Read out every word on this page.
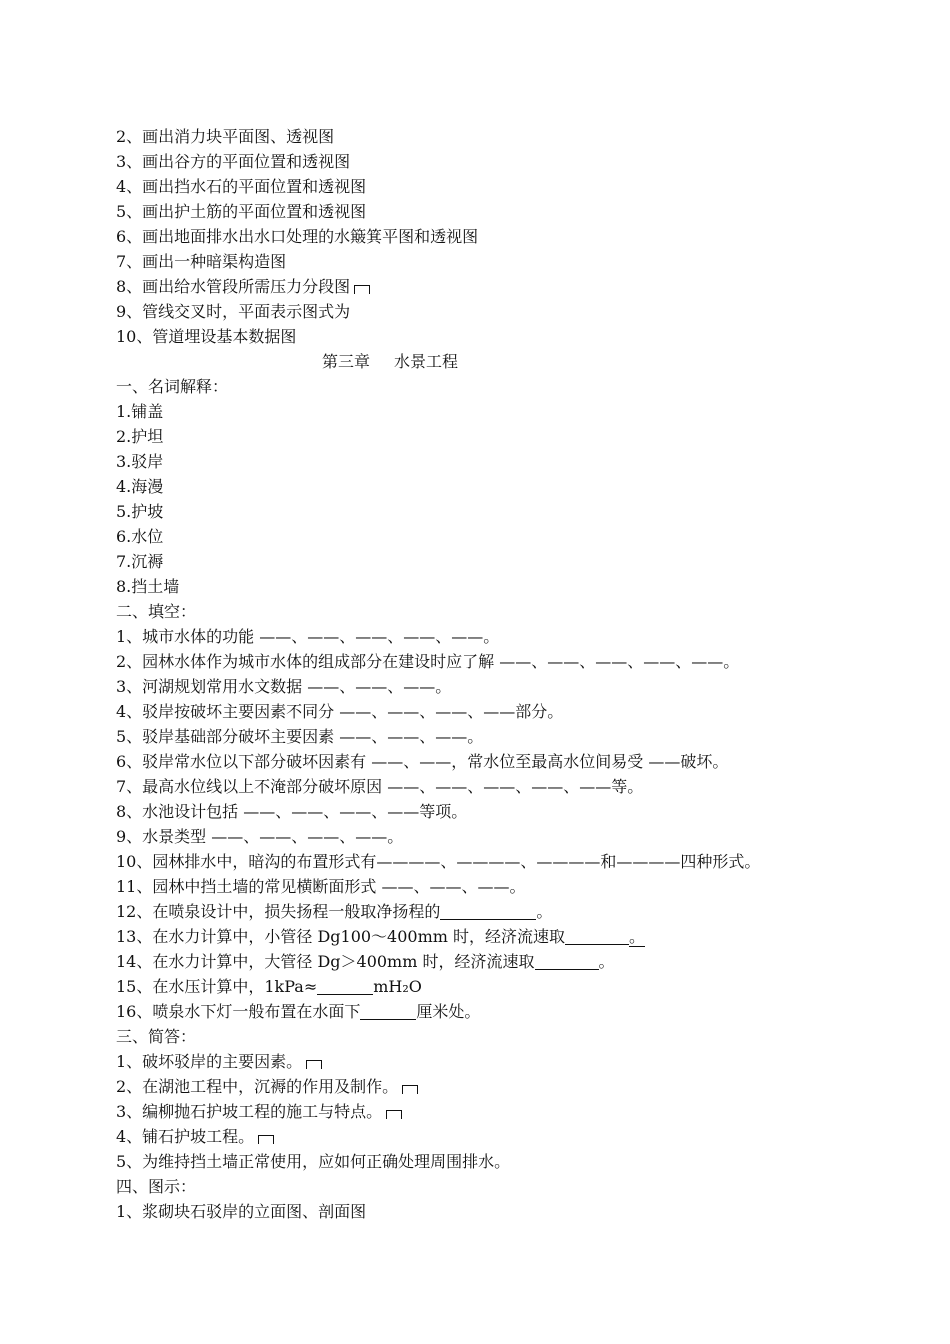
2、画出消力块平面图、透视图
3、画出谷方的平面位置和透视图
4、画出挡水石的平面位置和透视图
5、画出护土筋的平面位置和透视图
6、画出地面排水出水口处理的水簸箕平图和透视图
7、画出一种暗渠构造图
8、画出给水管段所需压力分段图
9、管线交叉时，平面表示图式为
10、管道埋设基本数据图
第三章 水景工程
一、名词解释：
1.铺盖
2.护坦
3.驳岸
4.海漫
5.护坡
6.水位
7.沉褥
8.挡土墙
二、填空：
1、城市水体的功能 ——、——、——、——、——。
2、园林水体作为城市水体的组成部分在建设时应了解 ——、——、——、——、——。
3、河湖规划常用水文数据 ——、——、——。
4、驳岸按破坏主要因素不同分 ——、——、——、——部分。
5、驳岸基础部分破坏主要因素 ——、——、——。
6、驳岸常水位以下部分破坏因素有 ——、——，常水位至最高水位间易受 ——破坏。
7、最高水位线以上不淹部分破坏原因 ——、——、——、——、——等。
8、水池设计包括 ——、——、——、——等项。
9、水景类型 ——、——、——、——。
10、园林排水中，暗沟的布置形式有————、————、————和————四种形式。
11、园林中挡土墙的常见横断面形式 ——、——、——。
12、在喷泉设计中，损失扬程一般取净扬程的	。
13、在水力计算中，小管径 Dg100～400mm 时，经济流速取	。
14、在水力计算中，大管径 Dg＞400mm 时，经济流速取	。
15、在水压计算中，1kPa≈	mH₂O
16、喷泉水下灯一般布置在水面下	厘米处。
三、简答：
1、破坏驳岸的主要因素。
2、在湖池工程中，沉褥的作用及制作。
3、编柳抛石护坡工程的施工与特点。
4、铺石护坡工程。
5、为维持挡土墙正常使用，应如何正确处理周围排水。
四、图示：
1、浆砌块石驳岸的立面图、剖面图
